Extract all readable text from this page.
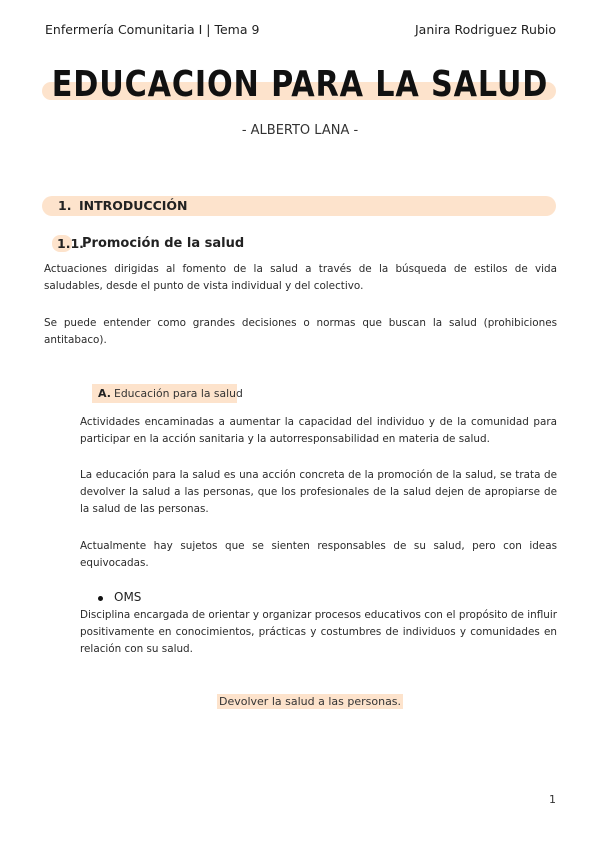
Enfermería Comunitaria I | Tema 9	Janira Rodriguez Rubio
EDUCACION PARA LA SALUD
- ALBERTO LANA -
1. INTRODUCCIÓN
1.1.
Promoción de la salud
Actuaciones dirigidas al fomento de la salud a través de la búsqueda de estilos de vida saludables, desde el punto de vista individual y del colectivo.
Se puede entender como grandes decisiones o normas que buscan la salud (prohibiciones antitabaco).
A. Educación para la salud
Actividades encaminadas a aumentar la capacidad del individuo y de la comunidad para participar en la acción sanitaria y la autorresponsabilidad en materia de salud.
La educación para la salud es una acción concreta de la promoción de la salud, se trata de devolver la salud a las personas, que los profesionales de la salud dejen de apropiarse de la salud de las personas.
Actualmente hay sujetos que se sienten responsables de su salud, pero con ideas equivocadas.
OMS
Disciplina encargada de orientar y organizar procesos educativos con el propósito de influir positivamente en conocimientos, prácticas y costumbres de individuos y comunidades en relación con su salud.
Devolver la salud a las personas.
1
